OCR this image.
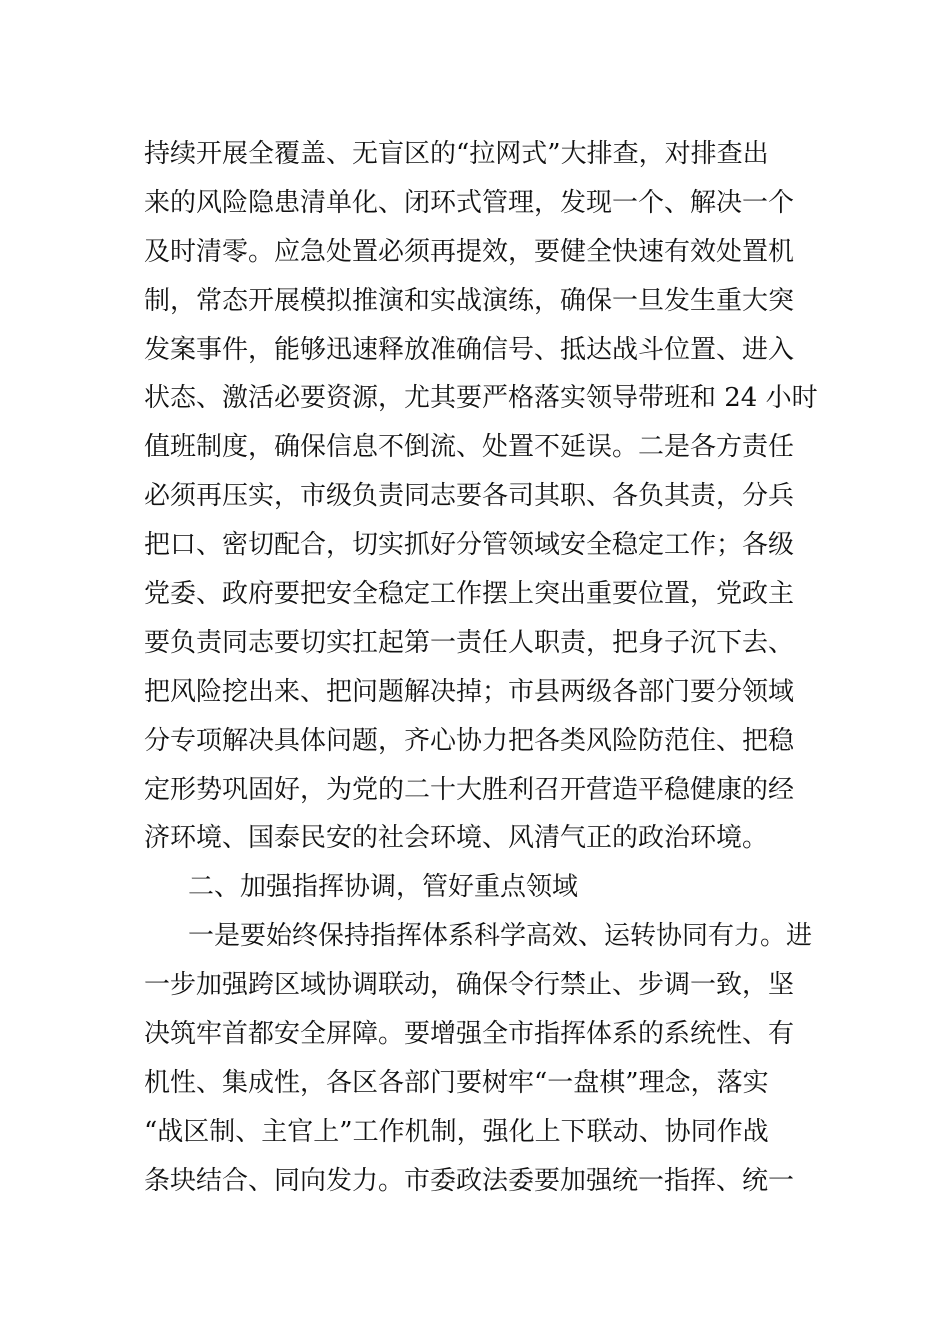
持续开展全覆盖、无盲区的“拉网式”大排查，对排查出
来的风险隐患清单化、闭环式管理，发现一个、解决一个
及时清零。应急处置必须再提效，要健全快速有效处置机
制，常态开展模拟推演和实战演练，确保一旦发生重大突
发案事件，能够迅速释放准确信号、抵达战斗位置、进入
状态、激活必要资源，尤其要严格落实领导带班和 24 小时
值班制度，确保信息不倒流、处置不延误。二是各方责任
必须再压实，市级负责同志要各司其职、各负其责，分兵
把口、密切配合，切实抓好分管领域安全稳定工作；各级
党委、政府要把安全稳定工作摆上突出重要位置，党政主
要负责同志要切实扛起第一责任人职责，把身子沉下去、
把风险挖出来、把问题解决掉；市县两级各部门要分领域
分专项解决具体问题，齐心协力把各类风险防范住、把稳
定形势巩固好，为党的二十大胜利召开营造平稳健康的经
济环境、国泰民安的社会环境、风清气正的政治环境。
二、加强指挥协调，管好重点领域
一是要始终保持指挥体系科学高效、运转协同有力。进
一步加强跨区域协调联动，确保令行禁止、步调一致，坚
决筑牢首都安全屏障。要增强全市指挥体系的系统性、有
机性、集成性，各区各部门要树牢“一盘棋”理念，落实
“战区制、主官上”工作机制，强化上下联动、协同作战
条块结合、同向发力。市委政法委要加强统一指挥、统一
